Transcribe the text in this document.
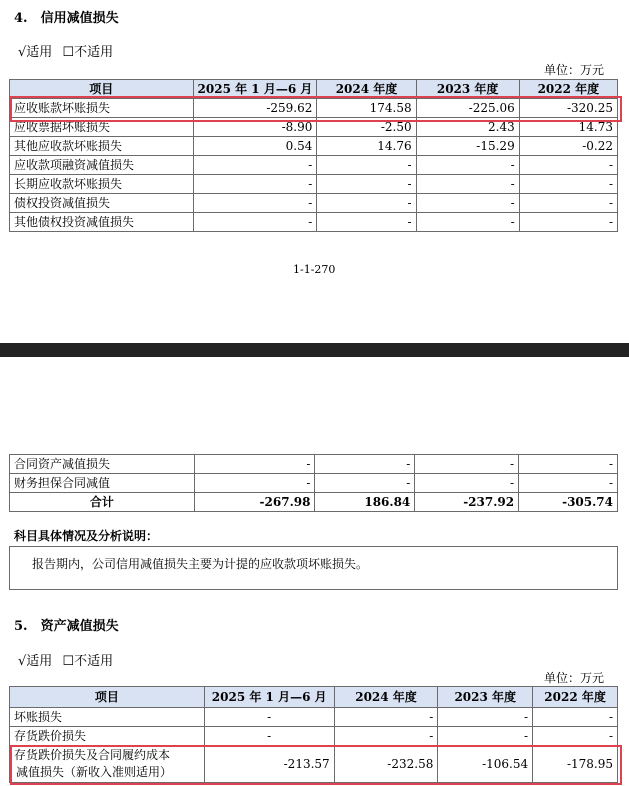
4.　信用减值损失
√适用 ☐不适用
单位：万元
项目	2025 年 1 月—6 月	2024 年度	2023 年度	2022 年度
应收账款坏账损失	-259.62	174.58	-225.06	-320.25
应收票据坏账损失	-8.90	-2.50	2.43	14.73
其他应收款坏账损失	0.54	14.76	-15.29	-0.22
应收款项融资减值损失	-	-	-	-
长期应收款坏账损失	-	-	-	-
债权投资减值损失	-	-	-	-
其他债权投资减值损失	-	-	-	-
1-1-270
合同资产减值损失	-	-	-	-
财务担保合同减值	-	-	-	-
合计	-267.98	186.84	-237.92	-305.74
科目具体情况及分析说明：
报告期内，公司信用减值损失主要为计提的应收款项坏账损失。
5.　资产减值损失
√适用 ☐不适用
单位：万元
项目	2025 年 1 月—6 月	2024 年度	2023 年度	2022 年度
坏账损失	-	-	-	-
存货跌价损失	-	-	-	-
存货跌价损失及合同履约成本
减值损失（新收入准则适用）	-213.57	-232.58	-106.54	-178.95
